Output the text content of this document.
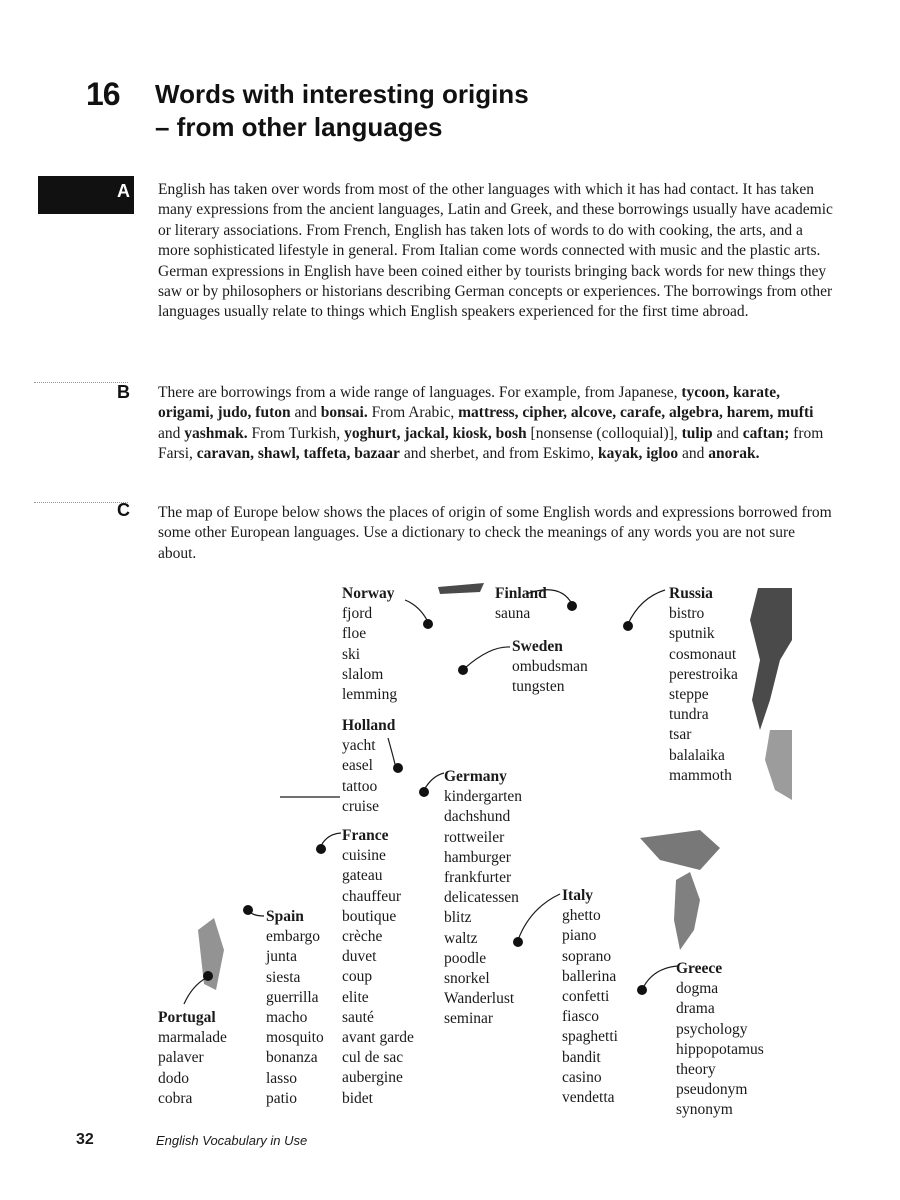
16 Words with interesting origins
– from other languages
A English has taken over words from most of the other languages with which it has had contact. It has taken many expressions from the ancient languages, Latin and Greek, and these borrowings usually have academic or literary associations. From French, English has taken lots of words to do with cooking, the arts, and a more sophisticated lifestyle in general. From Italian come words connected with music and the plastic arts. German expressions in English have been coined either by tourists bringing back words for new things they saw or by philosophers or historians describing German concepts or experiences. The borrowings from other languages usually relate to things which English speakers experienced for the first time abroad.

B There are borrowings from a wide range of languages. For example, from Japanese, tycoon, karate, origami, judo, futon and bonsai. From Arabic, mattress, cipher, alcove, carafe, algebra, harem, mufti and yashmak. From Turkish, yoghurt, jackal, kiosk, bosh [nonsense (colloquial)], tulip and caftan; from Farsi, caravan, shawl, taffeta, bazaar and sherbet, and from Eskimo, kayak, igloo and anorak.

C The map of Europe below shows the places of origin of some English words and expressions borrowed from some other European languages. Use a dictionary to check the meanings of any words you are not sure about.

Norway
fjord
floe
ski
slalom
lemming
Finland
sauna
Sweden
ombudsman
tungsten
Russia
bistro
sputnik
cosmonaut
perestroika
steppe
tundra
tsar
balalaika
mammoth
Holland
yacht
easel
tattoo
cruise
Germany
kindergarten
dachshund
rottweiler
hamburger
frankfurter
delicatessen
blitz
waltz
poodle
snorkel
Wanderlust
seminar
France
cuisine
gateau
chauffeur
boutique
crèche
duvet
coup
elite
sauté
avant garde
cul de sac
aubergine
bidet
Spain
embargo
junta
siesta
guerrilla
macho
mosquito
bonanza
lasso
patio
Portugal
marmalade
palaver
dodo
cobra
Italy
ghetto
piano
soprano
ballerina
confetti
fiasco
spaghetti
bandit
casino
vendetta
Greece
dogma
drama
psychology
hippopotamus
theory
pseudonym
synonym
32	English Vocabulary in Use
